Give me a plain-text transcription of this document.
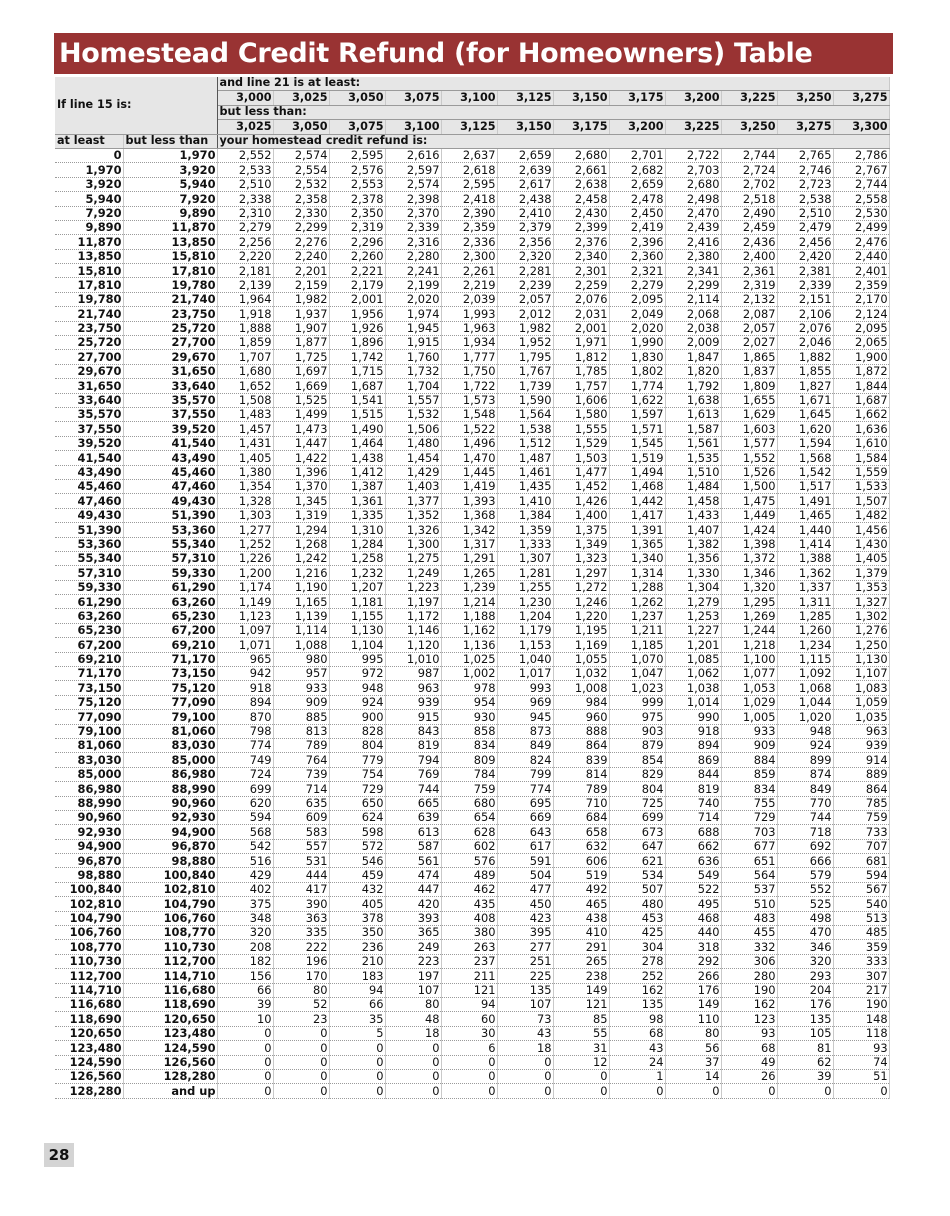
Homestead Credit Refund (for Homeowners) Table
If line 15 is:		and line 21 is at least:											
		3,000	3,025	3,050	3,075	3,100	3,125	3,150	3,175	3,200	3,225	3,250	3,275
		but less than:											
		3,025	3,050	3,075	3,100	3,125	3,150	3,175	3,200	3,225	3,250	3,275	3,300
at least	but less than	your homestead credit refund is:											
0	1,970	2,552	2,574	2,595	2,616	2,637	2,659	2,680	2,701	2,722	2,744	2,765	2,786
1,970	3,920	2,533	2,554	2,576	2,597	2,618	2,639	2,661	2,682	2,703	2,724	2,746	2,767
3,920	5,940	2,510	2,532	2,553	2,574	2,595	2,617	2,638	2,659	2,680	2,702	2,723	2,744
5,940	7,920	2,338	2,358	2,378	2,398	2,418	2,438	2,458	2,478	2,498	2,518	2,538	2,558
7,920	9,890	2,310	2,330	2,350	2,370	2,390	2,410	2,430	2,450	2,470	2,490	2,510	2,530
9,890	11,870	2,279	2,299	2,319	2,339	2,359	2,379	2,399	2,419	2,439	2,459	2,479	2,499
11,870	13,850	2,256	2,276	2,296	2,316	2,336	2,356	2,376	2,396	2,416	2,436	2,456	2,476
13,850	15,810	2,220	2,240	2,260	2,280	2,300	2,320	2,340	2,360	2,380	2,400	2,420	2,440
15,810	17,810	2,181	2,201	2,221	2,241	2,261	2,281	2,301	2,321	2,341	2,361	2,381	2,401
17,810	19,780	2,139	2,159	2,179	2,199	2,219	2,239	2,259	2,279	2,299	2,319	2,339	2,359
19,780	21,740	1,964	1,982	2,001	2,020	2,039	2,057	2,076	2,095	2,114	2,132	2,151	2,170
21,740	23,750	1,918	1,937	1,956	1,974	1,993	2,012	2,031	2,049	2,068	2,087	2,106	2,124
23,750	25,720	1,888	1,907	1,926	1,945	1,963	1,982	2,001	2,020	2,038	2,057	2,076	2,095
25,720	27,700	1,859	1,877	1,896	1,915	1,934	1,952	1,971	1,990	2,009	2,027	2,046	2,065
27,700	29,670	1,707	1,725	1,742	1,760	1,777	1,795	1,812	1,830	1,847	1,865	1,882	1,900
29,670	31,650	1,680	1,697	1,715	1,732	1,750	1,767	1,785	1,802	1,820	1,837	1,855	1,872
31,650	33,640	1,652	1,669	1,687	1,704	1,722	1,739	1,757	1,774	1,792	1,809	1,827	1,844
33,640	35,570	1,508	1,525	1,541	1,557	1,573	1,590	1,606	1,622	1,638	1,655	1,671	1,687
35,570	37,550	1,483	1,499	1,515	1,532	1,548	1,564	1,580	1,597	1,613	1,629	1,645	1,662
37,550	39,520	1,457	1,473	1,490	1,506	1,522	1,538	1,555	1,571	1,587	1,603	1,620	1,636
39,520	41,540	1,431	1,447	1,464	1,480	1,496	1,512	1,529	1,545	1,561	1,577	1,594	1,610
41,540	43,490	1,405	1,422	1,438	1,454	1,470	1,487	1,503	1,519	1,535	1,552	1,568	1,584
43,490	45,460	1,380	1,396	1,412	1,429	1,445	1,461	1,477	1,494	1,510	1,526	1,542	1,559
45,460	47,460	1,354	1,370	1,387	1,403	1,419	1,435	1,452	1,468	1,484	1,500	1,517	1,533
47,460	49,430	1,328	1,345	1,361	1,377	1,393	1,410	1,426	1,442	1,458	1,475	1,491	1,507
49,430	51,390	1,303	1,319	1,335	1,352	1,368	1,384	1,400	1,417	1,433	1,449	1,465	1,482
51,390	53,360	1,277	1,294	1,310	1,326	1,342	1,359	1,375	1,391	1,407	1,424	1,440	1,456
53,360	55,340	1,252	1,268	1,284	1,300	1,317	1,333	1,349	1,365	1,382	1,398	1,414	1,430
55,340	57,310	1,226	1,242	1,258	1,275	1,291	1,307	1,323	1,340	1,356	1,372	1,388	1,405
57,310	59,330	1,200	1,216	1,232	1,249	1,265	1,281	1,297	1,314	1,330	1,346	1,362	1,379
59,330	61,290	1,174	1,190	1,207	1,223	1,239	1,255	1,272	1,288	1,304	1,320	1,337	1,353
61,290	63,260	1,149	1,165	1,181	1,197	1,214	1,230	1,246	1,262	1,279	1,295	1,311	1,327
63,260	65,230	1,123	1,139	1,155	1,172	1,188	1,204	1,220	1,237	1,253	1,269	1,285	1,302
65,230	67,200	1,097	1,114	1,130	1,146	1,162	1,179	1,195	1,211	1,227	1,244	1,260	1,276
67,200	69,210	1,071	1,088	1,104	1,120	1,136	1,153	1,169	1,185	1,201	1,218	1,234	1,250
69,210	71,170	965	980	995	1,010	1,025	1,040	1,055	1,070	1,085	1,100	1,115	1,130
71,170	73,150	942	957	972	987	1,002	1,017	1,032	1,047	1,062	1,077	1,092	1,107
73,150	75,120	918	933	948	963	978	993	1,008	1,023	1,038	1,053	1,068	1,083
75,120	77,090	894	909	924	939	954	969	984	999	1,014	1,029	1,044	1,059
77,090	79,100	870	885	900	915	930	945	960	975	990	1,005	1,020	1,035
79,100	81,060	798	813	828	843	858	873	888	903	918	933	948	963
81,060	83,030	774	789	804	819	834	849	864	879	894	909	924	939
83,030	85,000	749	764	779	794	809	824	839	854	869	884	899	914
85,000	86,980	724	739	754	769	784	799	814	829	844	859	874	889
86,980	88,990	699	714	729	744	759	774	789	804	819	834	849	864
88,990	90,960	620	635	650	665	680	695	710	725	740	755	770	785
90,960	92,930	594	609	624	639	654	669	684	699	714	729	744	759
92,930	94,900	568	583	598	613	628	643	658	673	688	703	718	733
94,900	96,870	542	557	572	587	602	617	632	647	662	677	692	707
96,870	98,880	516	531	546	561	576	591	606	621	636	651	666	681
98,880	100,840	429	444	459	474	489	504	519	534	549	564	579	594
100,840	102,810	402	417	432	447	462	477	492	507	522	537	552	567
102,810	104,790	375	390	405	420	435	450	465	480	495	510	525	540
104,790	106,760	348	363	378	393	408	423	438	453	468	483	498	513
106,760	108,770	320	335	350	365	380	395	410	425	440	455	470	485
108,770	110,730	208	222	236	249	263	277	291	304	318	332	346	359
110,730	112,700	182	196	210	223	237	251	265	278	292	306	320	333
112,700	114,710	156	170	183	197	211	225	238	252	266	280	293	307
114,710	116,680	66	80	94	107	121	135	149	162	176	190	204	217
116,680	118,690	39	52	66	80	94	107	121	135	149	162	176	190
118,690	120,650	10	23	35	48	60	73	85	98	110	123	135	148
120,650	123,480	0	0	5	18	30	43	55	68	80	93	105	118
123,480	124,590	0	0	0	0	6	18	31	43	56	68	81	93
124,590	126,560	0	0	0	0	0	0	12	24	37	49	62	74
126,560	128,280	0	0	0	0	0	0	0	1	14	26	39	51
128,280	and up	0	0	0	0	0	0	0	0	0	0	0	0
28
